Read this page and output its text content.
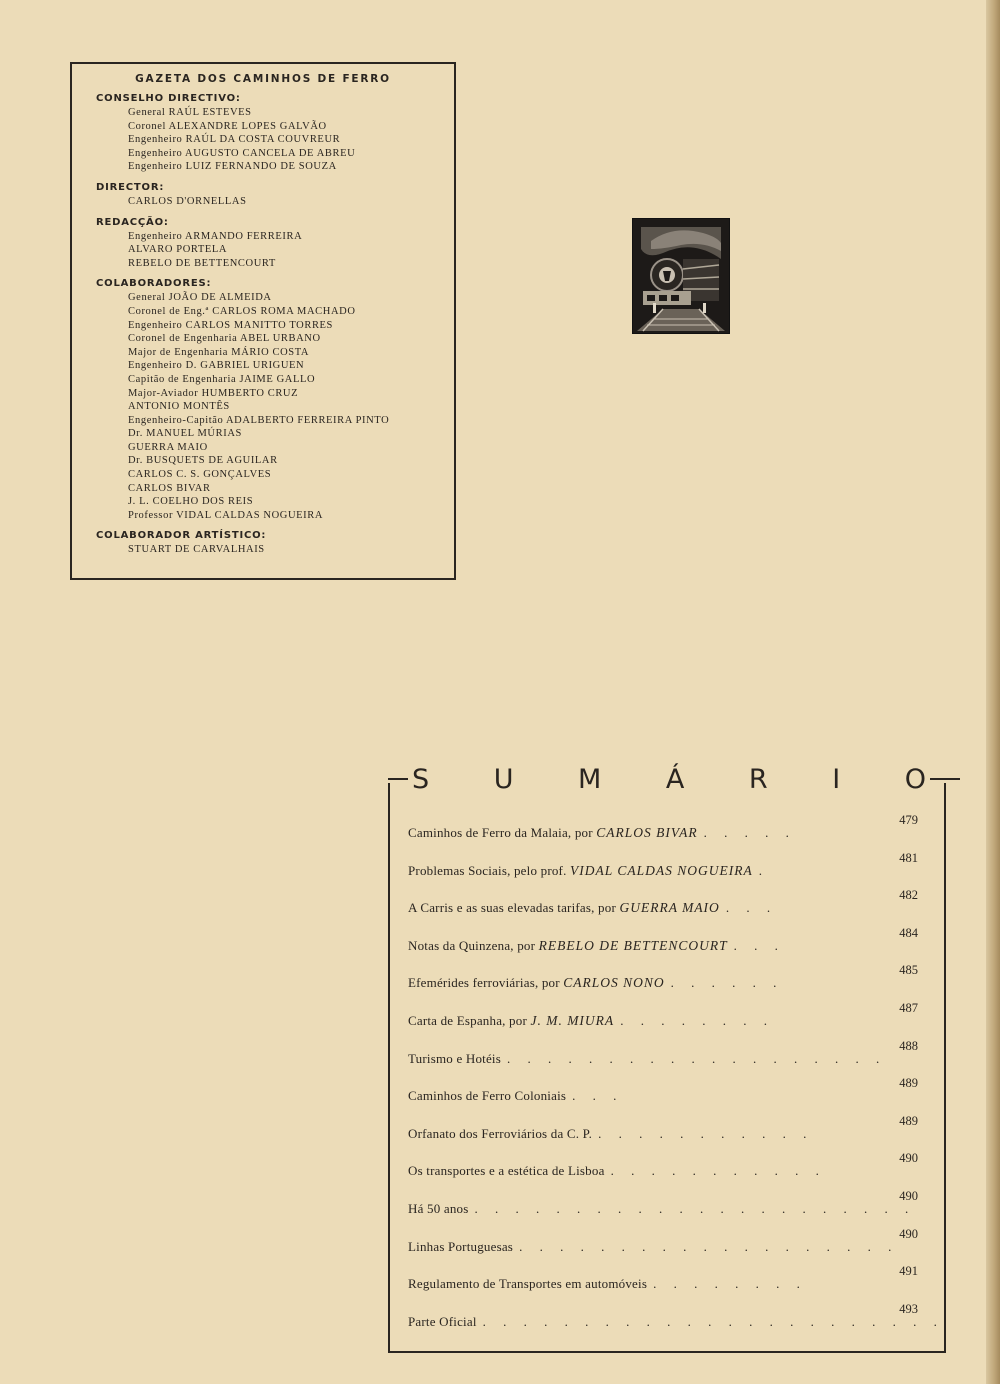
GAZETA DOS CAMINHOS DE FERRO
CONSELHO DIRECTIVO:
General RAÚL ESTEVES
Coronel ALEXANDRE LOPES GALVÃO
Engenheiro RAÚL DA COSTA COUVREUR
Engenheiro AUGUSTO CANCELA DE ABREU
Engenheiro LUIZ FERNANDO DE SOUZA
DIRECTOR:
CARLOS D'ORNELLAS
REDACÇÃO:
Engenheiro ARMANDO FERREIRA
ALVARO PORTELA
REBELO DE BETTENCOURT
COLABORADORES:
General JOÃO DE ALMEIDA
Coronel de Eng.ª CARLOS ROMA MACHADO
Engenheiro CARLOS MANITTO TORRES
Coronel de Engenharia ABEL URBANO
Major de Engenharia MÁRIO COSTA
Engenheiro D. GABRIEL URIGUEN
Capitão de Engenharia JAIME GALLO
Major-Aviador HUMBERTO CRUZ
ANTONIO MONTÊS
Engenheiro-Capitão ADALBERTO FERREIRA PINTO
Dr. MANUEL MÚRIAS
GUERRA MAIO
Dr. BUSQUETS DE AGUILAR
CARLOS C. S. GONÇALVES
CARLOS BIVAR
J. L. COELHO DOS REIS
Professor VIDAL CALDAS NOGUEIRA
COLABORADOR ARTÍSTICO:
STUART DE CARVALHAIS
S U M Á R I O
Caminhos de Ferro da Malaia, por CARLOS BIVAR . . . . .
479
Problemas Sociais, pelo prof. VIDAL CALDAS NOGUEIRA .
481
A Carris e as suas elevadas tarifas, por GUERRA MAIO . . .
482
Notas da Quinzena, por REBELO DE BETTENCOURT . . .
484
Efemérides ferroviárias, por CARLOS NONO . . . . . .
485
Carta de Espanha, por J. M. MIURA . . . . . . . .
487
Turismo e Hotéis . . . . . . . . . . . . . . . . . . .
488
Caminhos de Ferro Coloniais . . .
489
Orfanato dos Ferroviários da C. P. . . . . . . . . . . .
489
Os transportes e a estética de Lisboa . . . . . . . . . . .
490
Há 50 anos . . . . . . . . . . . . . . . . . . . . . .
490
Linhas Portuguesas . . . . . . . . . . . . . . . . . . .
490
Regulamento de Transportes em automóveis . . . . . . . .
491
Parte Oficial . . . . . . . . . . . . . . . . . . . . . . .
493
